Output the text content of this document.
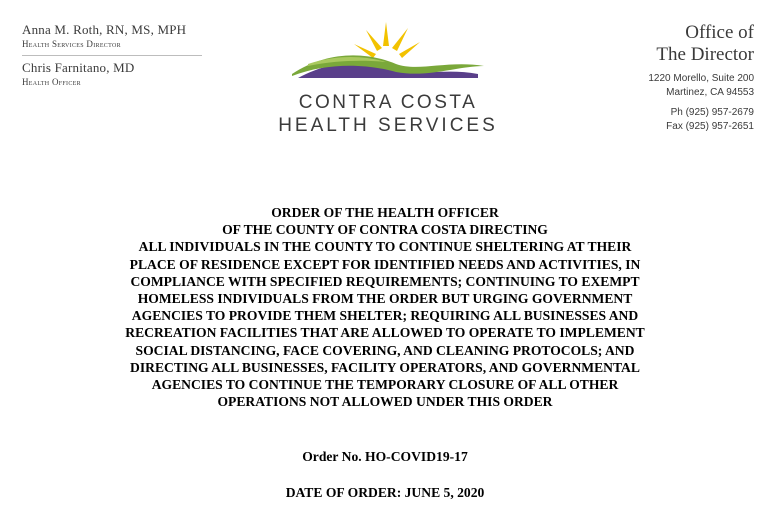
Anna M. Roth, RN, MS, MPH
Health Services Director
Chris Farnitano, MD
Health Officer
CONTRA COSTA
HEALTH SERVICES
Office of
The Director
1220 Morello, Suite 200
Martinez, CA 94553
Ph (925) 957-2679
Fax (925) 957-2651
ORDER OF THE HEALTH OFFICER
OF THE COUNTY OF CONTRA COSTA DIRECTING
ALL INDIVIDUALS IN THE COUNTY TO CONTINUE SHELTERING AT THEIR
PLACE OF RESIDENCE EXCEPT FOR IDENTIFIED NEEDS AND ACTIVITIES, IN
COMPLIANCE WITH SPECIFIED REQUIREMENTS; CONTINUING TO EXEMPT
HOMELESS INDIVIDUALS FROM THE ORDER BUT URGING GOVERNMENT
AGENCIES TO PROVIDE THEM SHELTER; REQUIRING ALL BUSINESSES AND
RECREATION FACILITIES THAT ARE ALLOWED TO OPERATE TO IMPLEMENT
SOCIAL DISTANCING, FACE COVERING, AND CLEANING PROTOCOLS; AND
DIRECTING ALL BUSINESSES, FACILITY OPERATORS, AND GOVERNMENTAL
AGENCIES TO CONTINUE THE TEMPORARY CLOSURE OF ALL OTHER
OPERATIONS NOT ALLOWED UNDER THIS ORDER
Order No. HO-COVID19-17
DATE OF ORDER: JUNE 5, 2020
